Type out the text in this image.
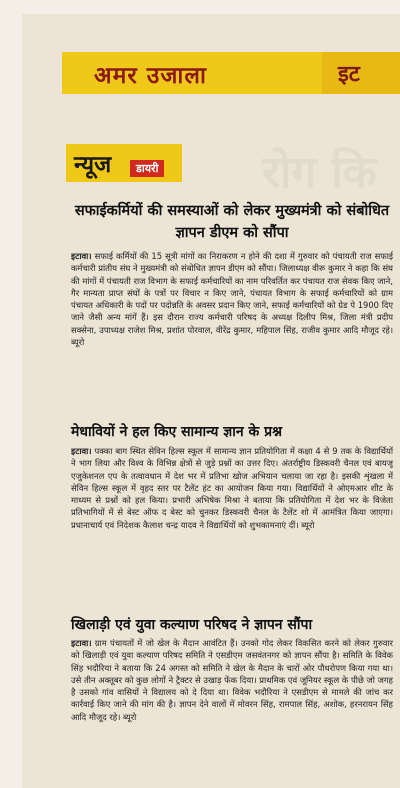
अमर उजाला	इट
रोग कि
न्यूज	डायरी
सफाईकर्मियों की समस्याओं को लेकर मुख्यमंत्री को संबोधित ज्ञापन डीएम को सौंपा

इटावा। सफाई कर्मियों की 15 सूत्री मांगों का निराकरण न होने की दशा में गुरुवार को पंचायती राज सफाई कर्मचारी प्रांतीय संघ ने मुख्यमंत्री को संबोधित ज्ञापन डीएम को सौंपा। जिलाध्यक्ष वीरू कुमार ने कहा कि संघ की मांगों में पंचायती राज विभाग के सफाई कर्मचारियों का नाम परिवर्तित कर पंचायत राज सेवक किए जाने, गैर मान्यता प्राप्त संघों के पत्रों पर विचार न किए जाने, पंचायत विभाग के सफाई कर्मचारियों को ग्राम पंचायत अधिकारी के पदों पर पदोन्नति के अवसर प्रदान किए जाने, सफाई कर्मचारियों को ग्रेड पे 1900 दिए जाने जैसी अन्य मांगें हैं। इस दौरान राज्य कर्मचारी परिषद के अध्यक्ष दिलीप मिश्र, जिला मंत्री प्रदीप सक्सेना, उपाध्यक्ष राजेश मिश्र, प्रशांत पोरवाल, वीरेंद्र कुमार, महिपाल सिंह, राजीव कुमार आदि मौजूद रहे। ब्यूरो

मेधावियों ने हल किए सामान्य ज्ञान के प्रश्न

इटावा। पक्का बाग स्थित सेविन हिल्स स्कूल में सामान्य ज्ञान प्रतियोगिता में कक्षा 4 से 9 तक के विद्यार्थियों ने भाग लिया और विश्व के विभिन्न क्षेत्रों से जुड़े प्रश्नों का उत्तर दिए। अंतर्राष्ट्रीय डिस्कवरी चैनल एवं बायजू एजुकेशनल एप के तत्वावधान में देश भर में प्रतिभा खोज अभियान चलाया जा रहा है। इसकी शृंखला में सेविन हिल्स स्कूल में वृहद स्तर पर टैलेंट हंट का आयोजन किया गया। विद्यार्थियों ने ओएमआर शीट के माध्यम से प्रश्नों को हल किया। प्रभारी अभिषेक मिश्रा ने बताया कि प्रतियोगिता में देश भर के विजेता प्रतिभागियों में से बेस्ट ऑफ द बेस्ट को चुनकर डिस्कवरी चैनल के टैलेंट शो में आमंत्रित किया जाएगा। प्रधानाचार्य एवं निदेशक कैलाश चन्द्र यादव ने विद्यार्थियों को शुभकामनाएं दीं। ब्यूरो

खिलाड़ी एवं युवा कल्याण परिषद ने ज्ञापन सौंपा

इटावा। ग्राम पंचायतों में जो खेल के मैदान आवंटित हैं। उनको गोद लेकर विकसित करने को लेकर गुरुवार को खिलाड़ी एवं युवा कल्याण परिषद समिति ने एसडीएम जसवंतनगर को ज्ञापन सौंपा है। समिति के विवेक सिंह भदौरिया ने बताया कि 24 अगस्त को समिति ने खेल के मैदान के चारों ओर पौधरोपण किया गया था। उसे तीन अक्तूबर को कुछ लोगों ने ट्रैक्टर से उखाड़ फेंक दिया। प्राथमिक एवं जूनियर स्कूल के पीछे जो जगह है उसको गांव वासियों ने विद्यालय को दे दिया था। विवेक भदौरिया ने एसडीएम से मामले की जांच कर कार्रवाई किए जाने की मांग की है। ज्ञापन देने वालों में मोवरन सिंह, रामपाल सिंह, अशोक, हरनरायन सिंह आदि मौजूद रहे। ब्यूरो
